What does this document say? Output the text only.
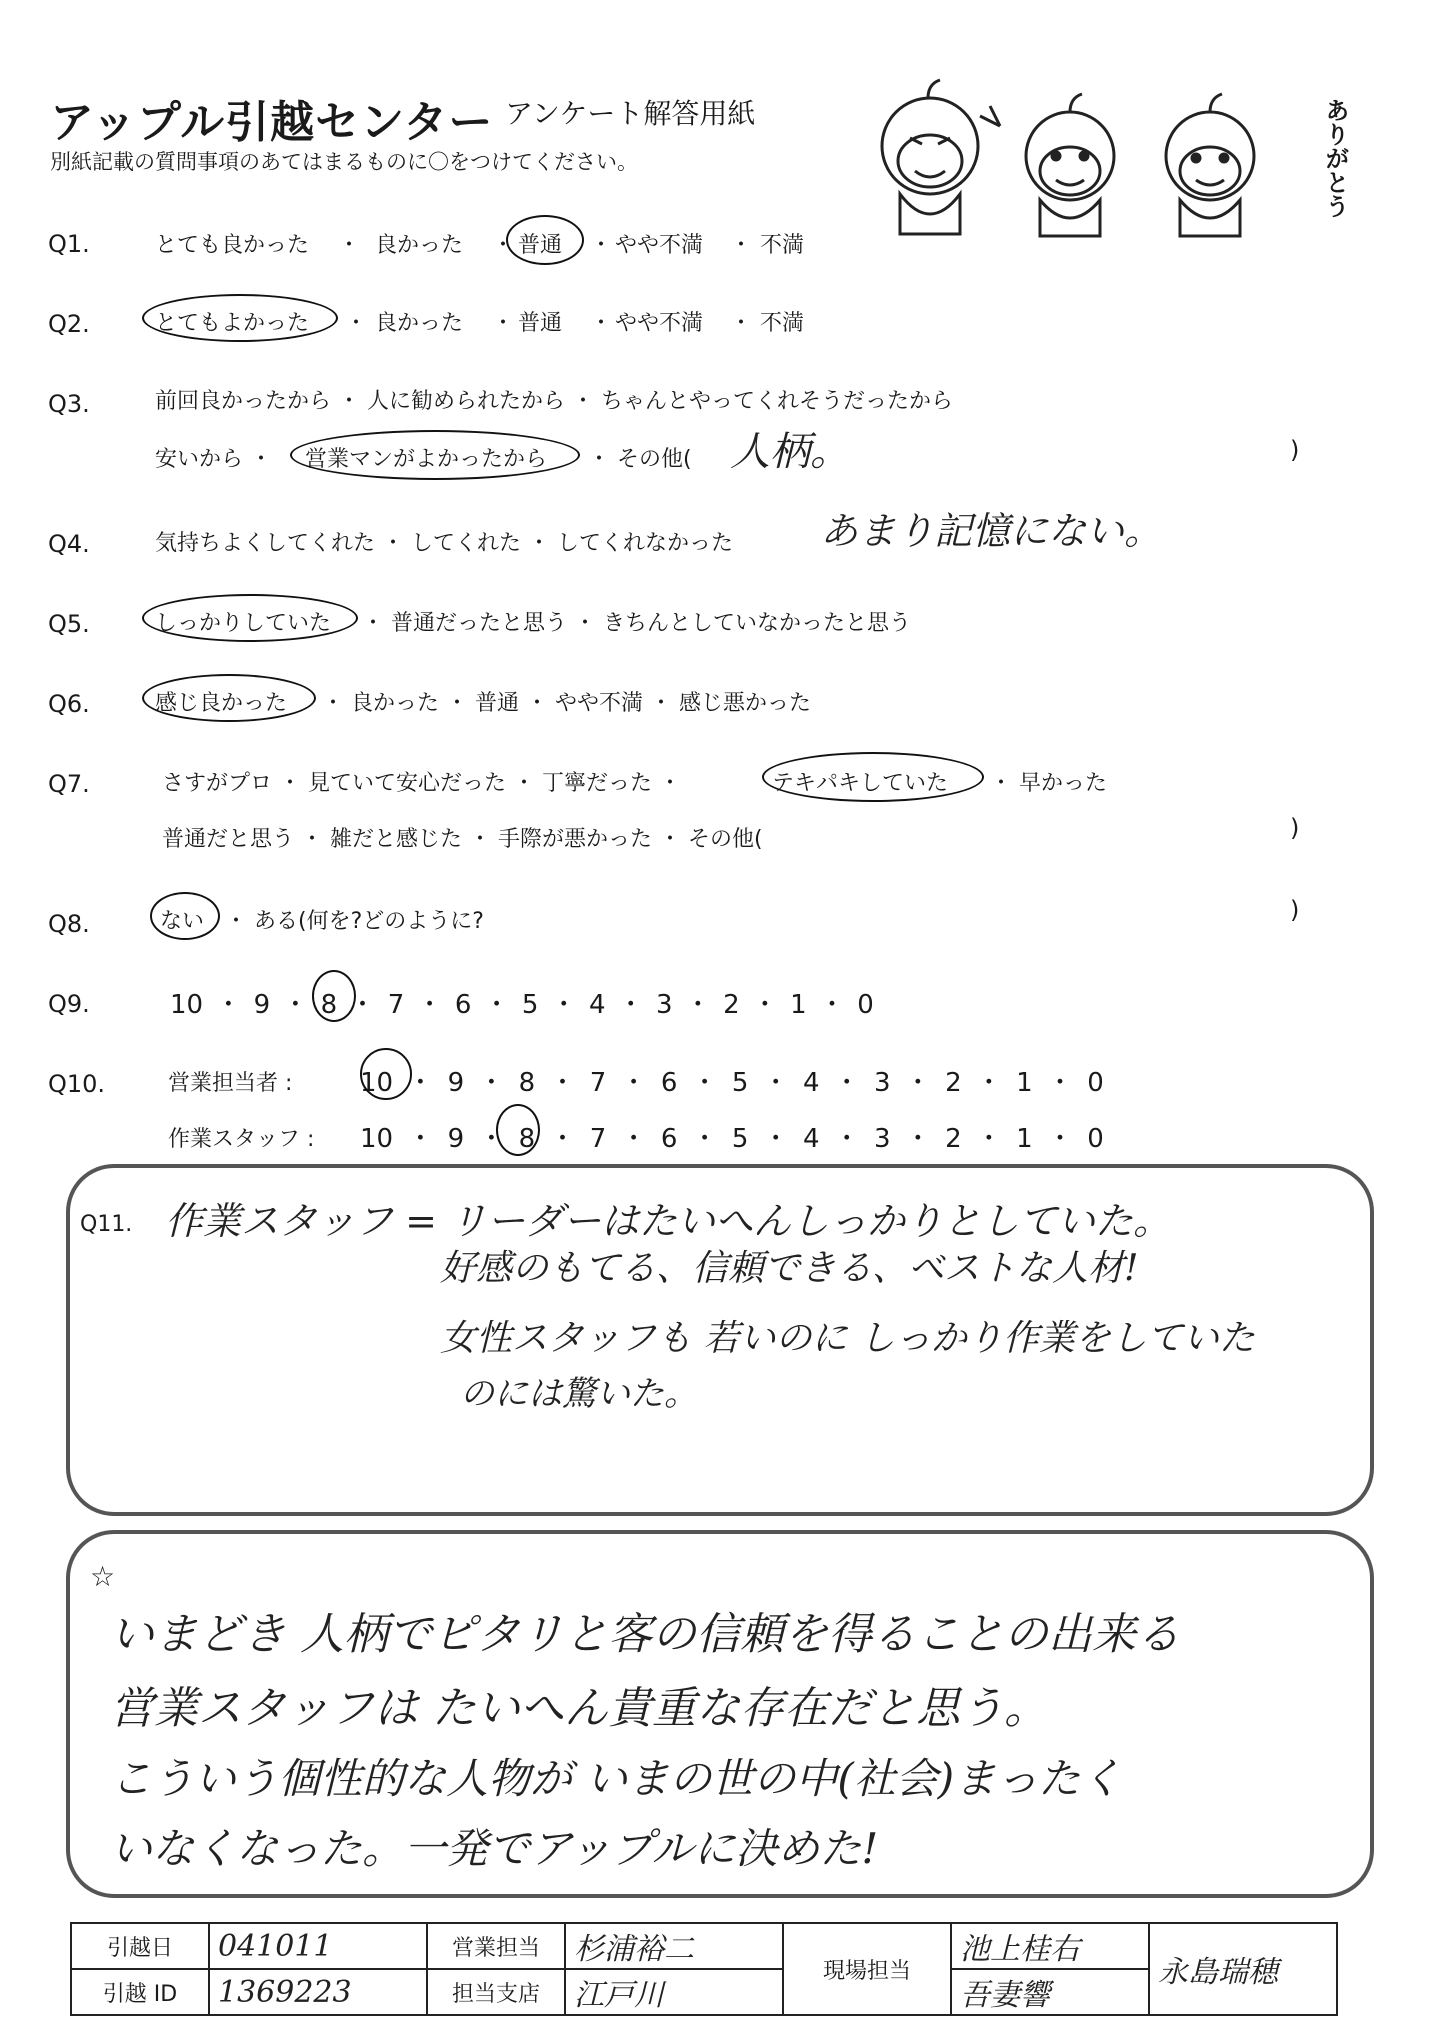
アップル引越センター アンケート解答用紙
別紙記載の質問事項のあてはまるものに〇をつけてください。	ありがとう
Q1.	とても良かった ・ 良かった ・ 普通 ・ やや不満 ・ 不満
Q2.	とてもよかった ・ 良かった ・ 普通 ・ やや不満 ・ 不満
Q3.	前回良かったから ・ 人に勧められたから ・ ちゃんとやってくれそうだったから
安いから ・ 営業マンがよかったから ・ その他( 人柄。	)
Q4.	気持ちよくしてくれた ・ してくれた ・ してくれなかった あまり記憶にない。
Q5.	しっかりしていた ・ 普通だったと思う ・ きちんとしていなかったと思う
Q6.	感じ良かった ・ 良かった ・ 普通 ・ やや不満 ・ 感じ悪かった
Q7.	さすがプロ ・ 見ていて安心だった ・ 丁寧だった ・	テキパキしていた ・ 早かった
普通だと思う ・ 雑だと感じた ・ 手際が悪かった ・ その他(	)
Q8.	ない ・ ある(何を?どのように?	)
Q9.	10 ・ 9 ・ 8 ・ 7 ・ 6 ・ 5 ・ 4 ・ 3 ・ 2 ・ 1 ・ 0
Q10.	営業担当者 :	10 ・ 9 ・ 8 ・ 7 ・ 6 ・ 5 ・ 4 ・ 3 ・ 2 ・ 1 ・ 0
作業スタッフ : 10 ・ 9 ・ 8 ・ 7 ・ 6 ・ 5 ・ 4 ・ 3 ・ 2 ・ 1 ・ 0
Q11. 作業スタッフ = リーダーはたいへんしっかりとしていた。
好感のもてる、信頼できる、ベストな人材!
女性スタッフも 若いのに しっかり作業をしていた
のには驚いた。
☆
いまどき 人柄でピタリと客の信頼を得ることの出来る
営業スタッフは たいへん貴重な存在だと思う。
こういう個性的な人物が いまの世の中(社会)まったく
いなくなった。一発でアップルに決めた!
引越日	041011	営業担当	杉浦裕二	現場担当	池上桂右	永島瑞穂
引越 ID	1369223	担当支店	江戸川		吾妻響	
